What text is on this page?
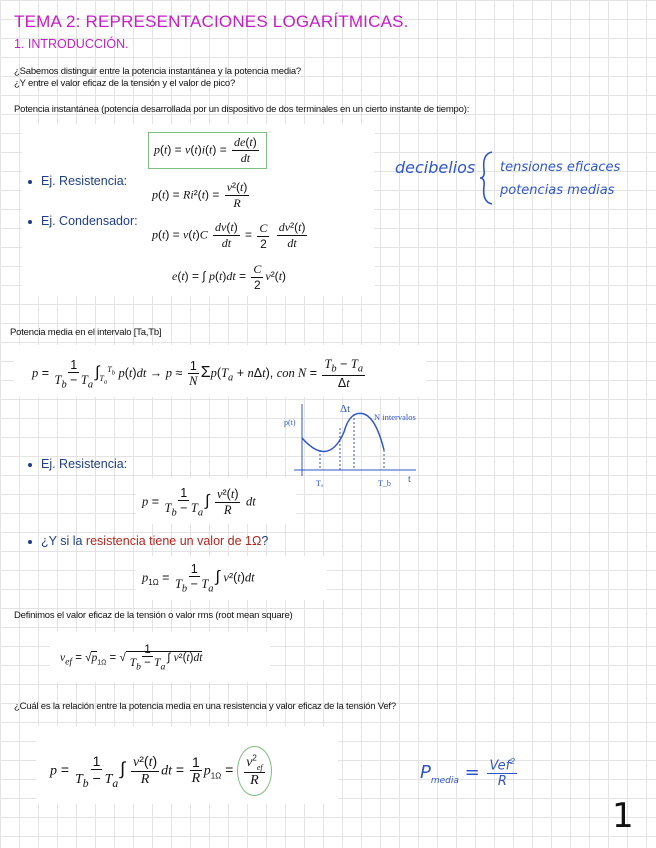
TEMA 2: REPRESENTACIONES LOGARÍTMICAS.
1. INTRODUCCIÓN.
¿Sabemos distinguir entre la potencia instantánea y la potencia media?
¿Y entre el valor eficaz de la tensión y el valor de pico?
Potencia instantánea (potencia desarrollada por un dispositivo de dos terminales en un cierto instante de tiempo):
$p(t) = v(t)i(t) = \frac{de(t)}{dt}$
Ej. Resistencia:
$p(t) = Ri^2(t) = \frac{\text{v²(t)}}{R}$
Ej. Condensador:
$p(t) = v(t)C \frac{dv(t)}{dt} = \frac{C}{2}$
$\frac{\text{dv²(t)}}{dt}$
e(t) = ∫ $p(t)dt = \frac{C}{2} v^2(t)$
decibelios tensiones eficaces
potencias medias
Potencia media en el intervalo [Ta,Tb]
$p = \frac{1}{T_b - T_a} \int_{T_a}^{T_b}$ $p(t)dt \to p \approx \frac{1}{N} \Sigma p(T_a + n\Delta t)$, con $N = \frac{T_b - T_a}{\Delta t}$
p(t)
Δt
N intervalos
t
Tₐ	T_b
Ej. Resistencia:
$p = \frac{1}{T_b - T_a}$ ∫ $\frac{\text{v²(t)}}{R}$ dt
¿Y si la resistencia tiene un valor de 1Ω?
$p_{1\Omega} = \frac{1}{T_b - T_a}$ ∫ v²(t)dt
Definimos el valor eficaz de la tensión o valor rms (root mean square)
$v_{ef} = √p_{1\Omega}$ = √ $\frac{1}{T_b - T_a}$ ∫ v²(t)dt
¿Cuál es la relación entre la potencia media en una resistencia y valor eficaz de la tensión Vef?
$p = \frac{1}{T_b - T_a}$ ∫ $\frac{\text{v²(t)}}{R}$ dt = $\frac{1}{R} p_{1\Omega} = \frac{v^2_{ef}}{R}$	$P_{media} = \frac{Vef^2}{R}$
1
